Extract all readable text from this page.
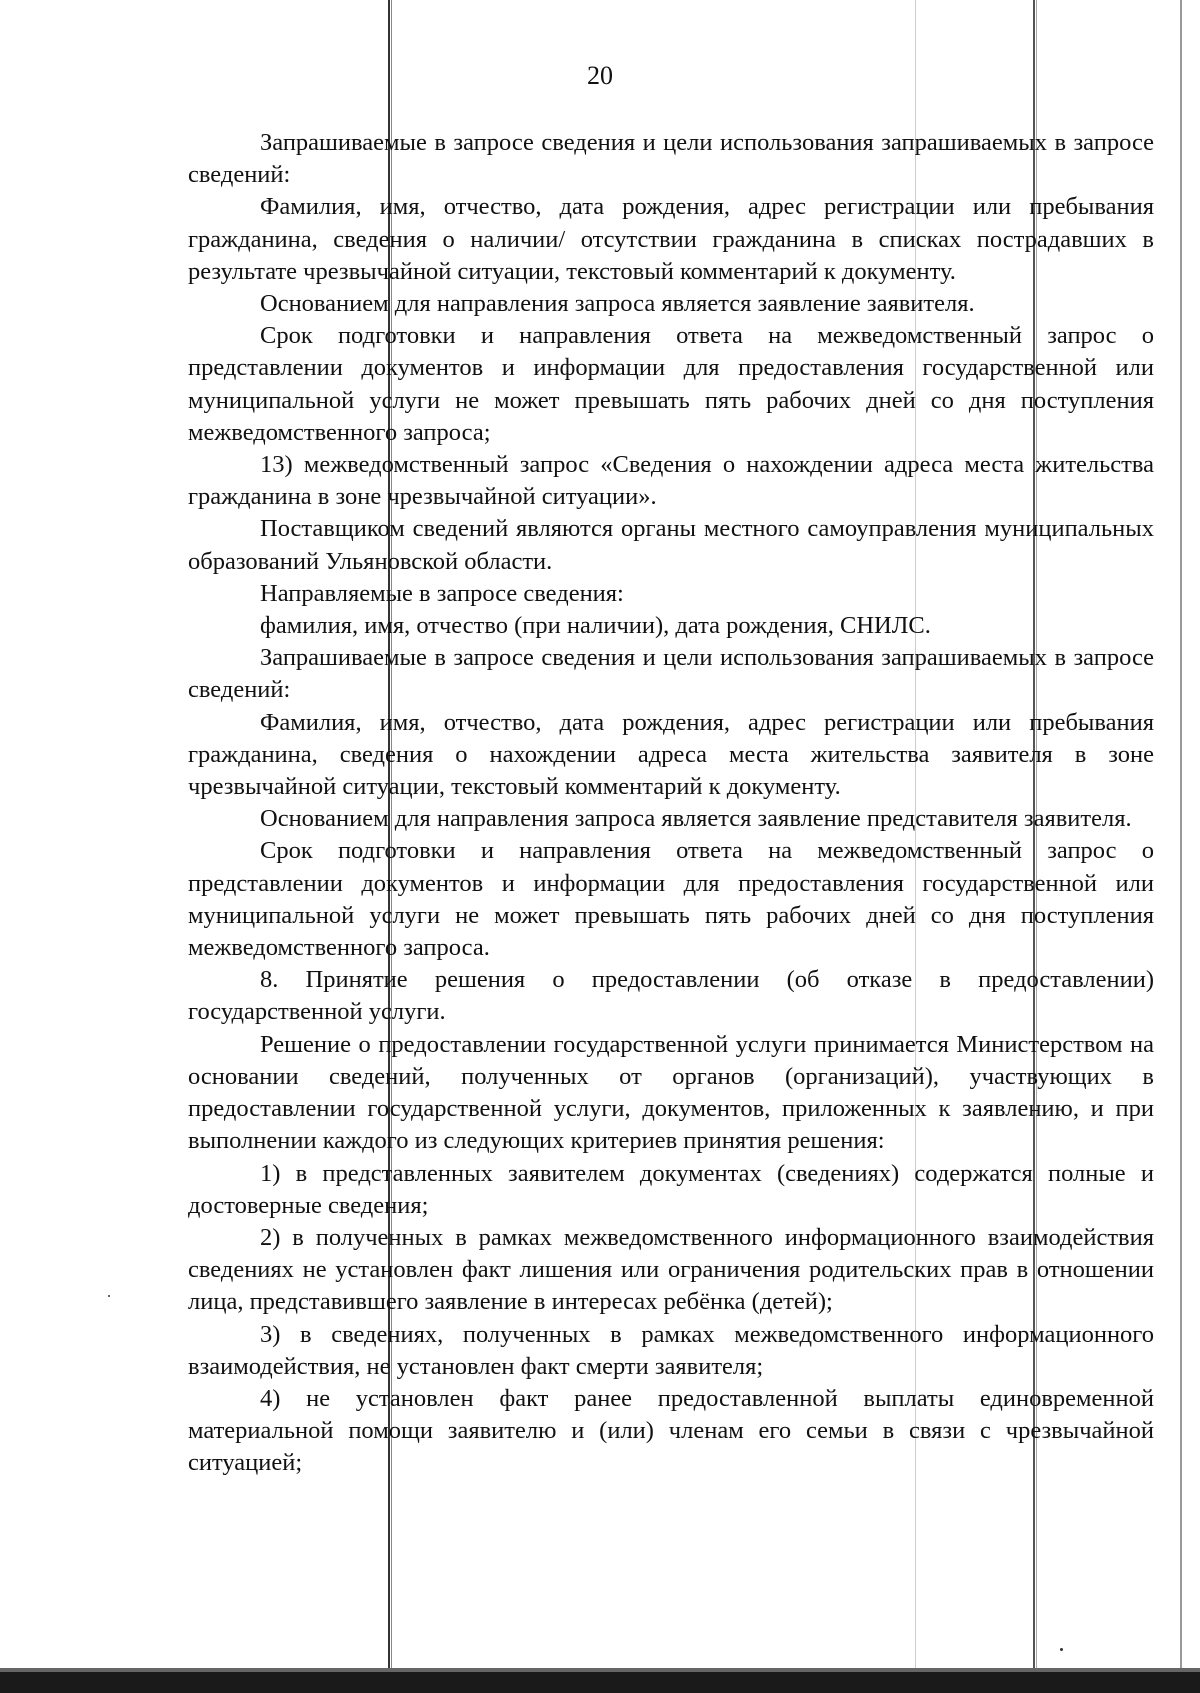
20

Запрашиваемые в запросе сведения и цели использования запрашиваемых в запросе сведений:

Фамилия, имя, отчество, дата рождения, адрес регистрации или пребывания гражданина, сведения о наличии/ отсутствии гражданина в списках пострадавших в результате чрезвычайной ситуации, текстовый комментарий к документу.

Основанием для направления запроса является заявление заявителя.

Срок подготовки и направления ответа на межведомственный запрос о представлении документов и информации для предоставления государственной или муниципальной услуги не может превышать пять рабочих дней со дня поступления межведомственного запроса;

13) межведомственный запрос «Сведения о нахождении адреса места жительства гражданина в зоне чрезвычайной ситуации».

Поставщиком сведений являются органы местного самоуправления муниципальных образований Ульяновской области.

Направляемые в запросе сведения:

фамилия, имя, отчество (при наличии), дата рождения, СНИЛС.

Запрашиваемые в запросе сведения и цели использования запрашиваемых в запросе сведений:

Фамилия, имя, отчество, дата рождения, адрес регистрации или пребывания гражданина, сведения о нахождении адреса места жительства заявителя в зоне чрезвычайной ситуации, текстовый комментарий к документу.

Основанием для направления запроса является заявление представителя заявителя.

Срок подготовки и направления ответа на межведомственный запрос о представлении документов и информации для предоставления государственной или муниципальной услуги не может превышать пять рабочих дней со дня поступления межведомственного запроса.

8. Принятие решения о предоставлении (об отказе в предоставлении) государственной услуги.

Решение о предоставлении государственной услуги принимается Министерством на основании сведений, полученных от органов (организаций), участвующих в предоставлении государственной услуги, документов, приложенных к заявлению, и при выполнении каждого из следующих критериев принятия решения:

1) в представленных заявителем документах (сведениях) содержатся полные и достоверные сведения;

2) в полученных в рамках межведомственного информационного взаимодействия сведениях не установлен факт лишения или ограничения родительских прав в отношении лица, представившего заявление в интересах ребёнка (детей);

3) в сведениях, полученных в рамках межведомственного информационного взаимодействия, не установлен факт смерти заявителя;

4) не установлен факт ранее предоставленной выплаты единовременной материальной помощи заявителю и (или) членам его семьи в связи с чрезвычайной ситуацией;
